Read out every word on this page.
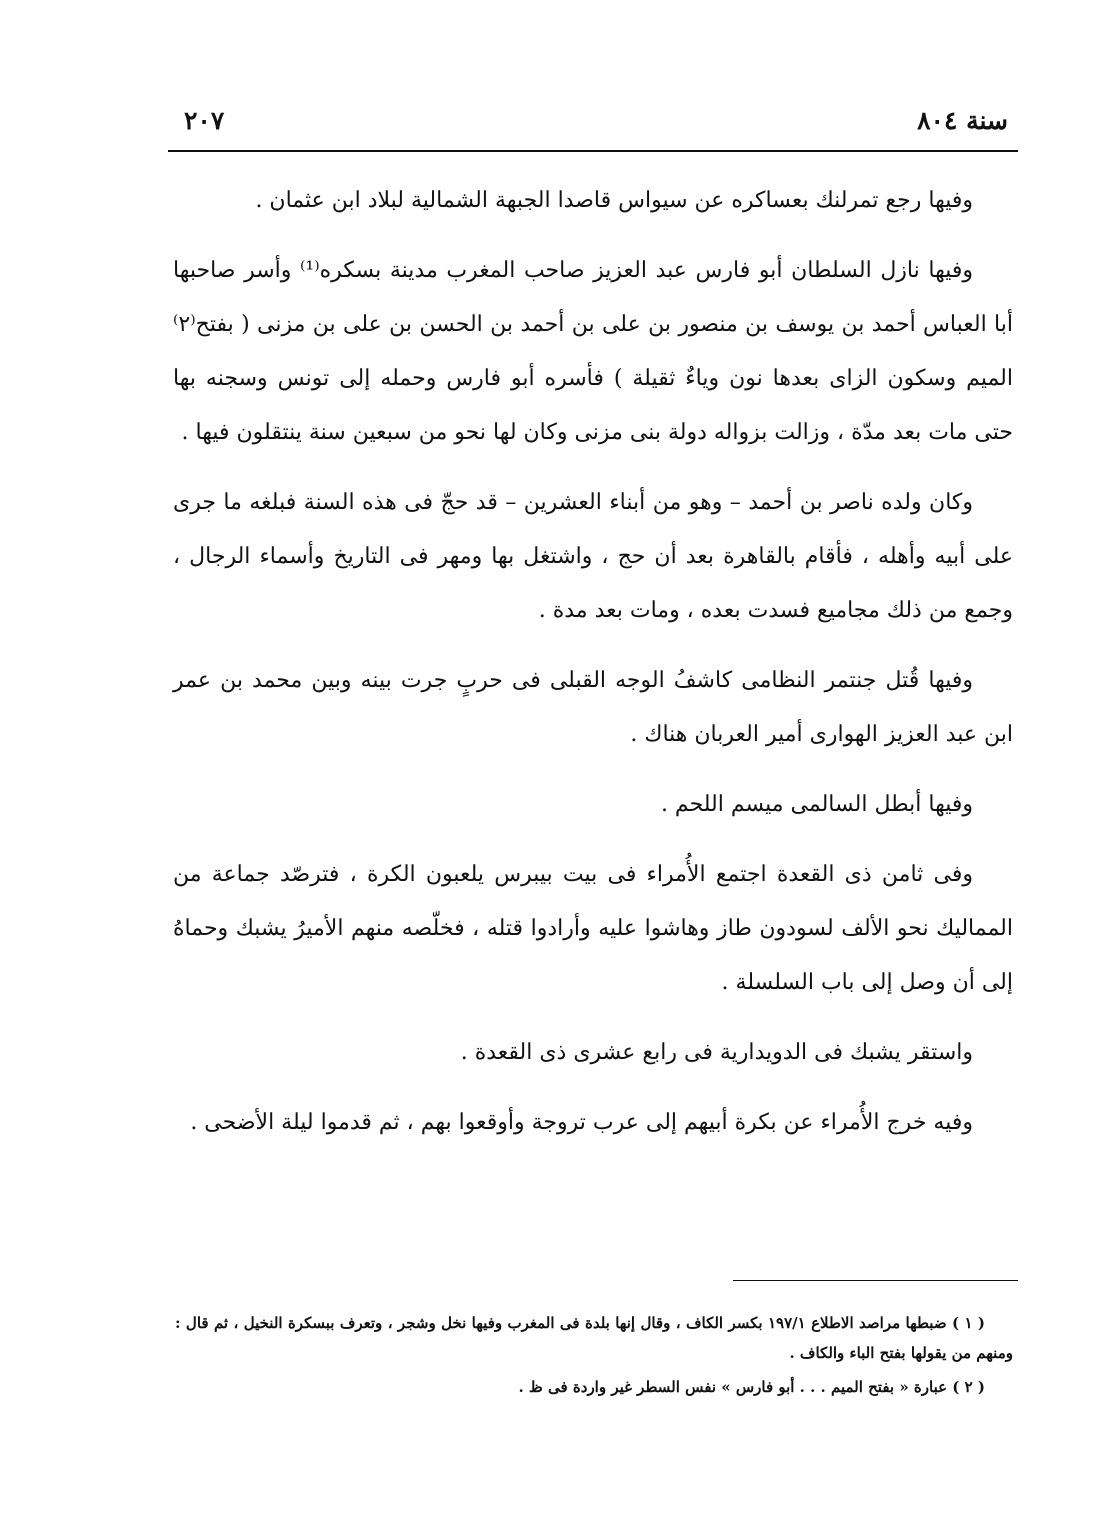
سنة ٨٠٤
٢٠٧

وفيها رجع تمرلنك بعساكره عن سيواس قاصدا الجبهة الشمالية لبلاد ابن عثمان .

وفيها نازل السلطان أبو فارس عبد العزيز صاحب المغرب مدينة بسكره⁽¹⁾ وأسر صاحبها أبا العباس أحمد بن يوسف بن منصور بن على بن أحمد بن الحسن بن على بن مزنى ( بفتح⁽٢⁾ الميم وسكون الزاى بعدها نون وياءٌ ثقيلة ) فأسره أبو فارس وحمله إلى تونس وسجنه بها حتى مات بعد مدّة ، وزالت بزواله دولة بنى مزنى وكان لها نحو من سبعين سنة ينتقلون فيها .

وكان ولده ناصر بن أحمد – وهو من أبناء العشرين – قد حجّ فى هذه السنة فبلغه ما جرى على أبيه وأهله ، فأقام بالقاهرة بعد أن حج ، واشتغل بها ومهر فى التاريخ وأسماء الرجال ، وجمع من ذلك مجاميع فسدت بعده ، ومات بعد مدة .

وفيها قُتل جنتمر النظامى كاشفُ الوجه القبلى فى حربٍ جرت بينه وبين محمد بن عمر ابن عبد العزيز الهوارى أمير العربان هناك .

وفيها أبطل السالمى ميسم اللحم .

وفى ثامن ذى القعدة اجتمع الأُمراء فى بيت بيبرس يلعبون الكرة ، فترصّد جماعة من المماليك نحو الألف لسودون طاز وهاشوا عليه وأرادوا قتله ، فخلّصه منهم الأميرُ يشبك وحماهُ إلى أن وصل إلى باب السلسلة .

واستقر يشبك فى الدويدارية فى رابع عشرى ذى القعدة .

وفيه خرج الأُمراء عن بكرة أبيهم إلى عرب تروجة وأوقعوا بهم ، ثم قدموا ليلة الأضحى .

( ١ ) ضبطها مراصد الاطلاع ١٩٧/١ بكسر الكاف ، وقال إنها بلدة فى المغرب وفيها نخل وشجر ، وتعرف ببسكرة النخيل ، ثم قال : ومنهم من يقولها بفتح الباء والكاف .

( ٢ ) عبارة « بفتح الميم . . . أبو فارس » نفس السطر غير واردة فى ظ .
